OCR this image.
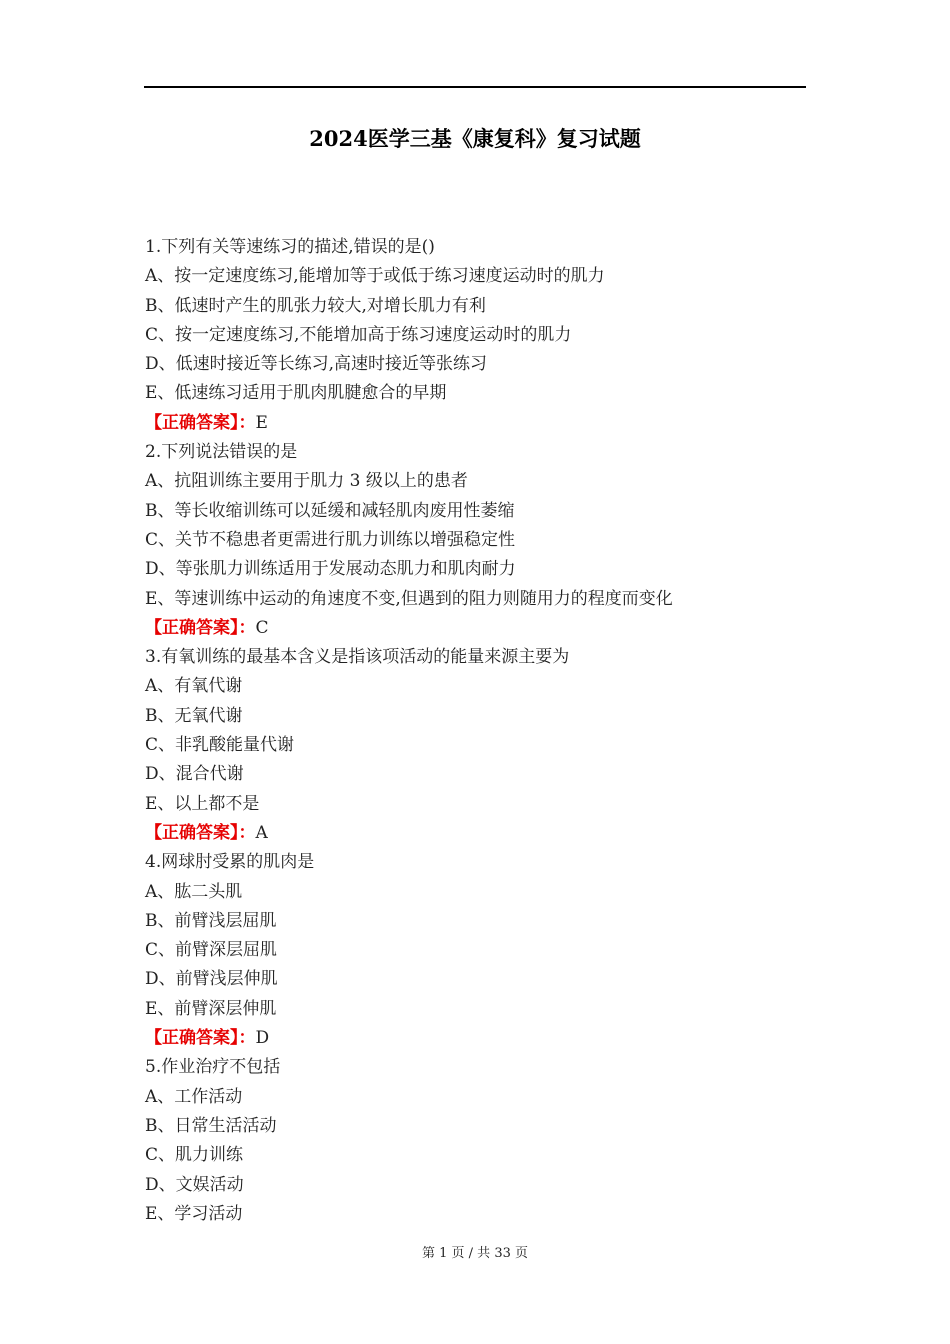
2024医学三基《康复科》复习试题
1.下列有关等速练习的描述,错误的是()
A、按一定速度练习,能增加等于或低于练习速度运动时的肌力
B、低速时产生的肌张力较大,对增长肌力有利
C、按一定速度练习,不能增加高于练习速度运动时的肌力
D、低速时接近等长练习,高速时接近等张练习
E、低速练习适用于肌肉肌腱愈合的早期
【正确答案】：E
2.下列说法错误的是
A、抗阻训练主要用于肌力 3 级以上的患者
B、等长收缩训练可以延缓和减轻肌肉废用性萎缩
C、关节不稳患者更需进行肌力训练以增强稳定性
D、等张肌力训练适用于发展动态肌力和肌肉耐力
E、等速训练中运动的角速度不变,但遇到的阻力则随用力的程度而变化
【正确答案】：C
3.有氧训练的最基本含义是指该项活动的能量来源主要为
A、有氧代谢
B、无氧代谢
C、非乳酸能量代谢
D、混合代谢
E、以上都不是
【正确答案】：A
4.网球肘受累的肌肉是
A、肱二头肌
B、前臂浅层屈肌
C、前臂深层屈肌
D、前臂浅层伸肌
E、前臂深层伸肌
【正确答案】：D
5.作业治疗不包括
A、工作活动
B、日常生活活动
C、肌力训练
D、文娱活动
E、学习活动
第 1 页 / 共 33 页
